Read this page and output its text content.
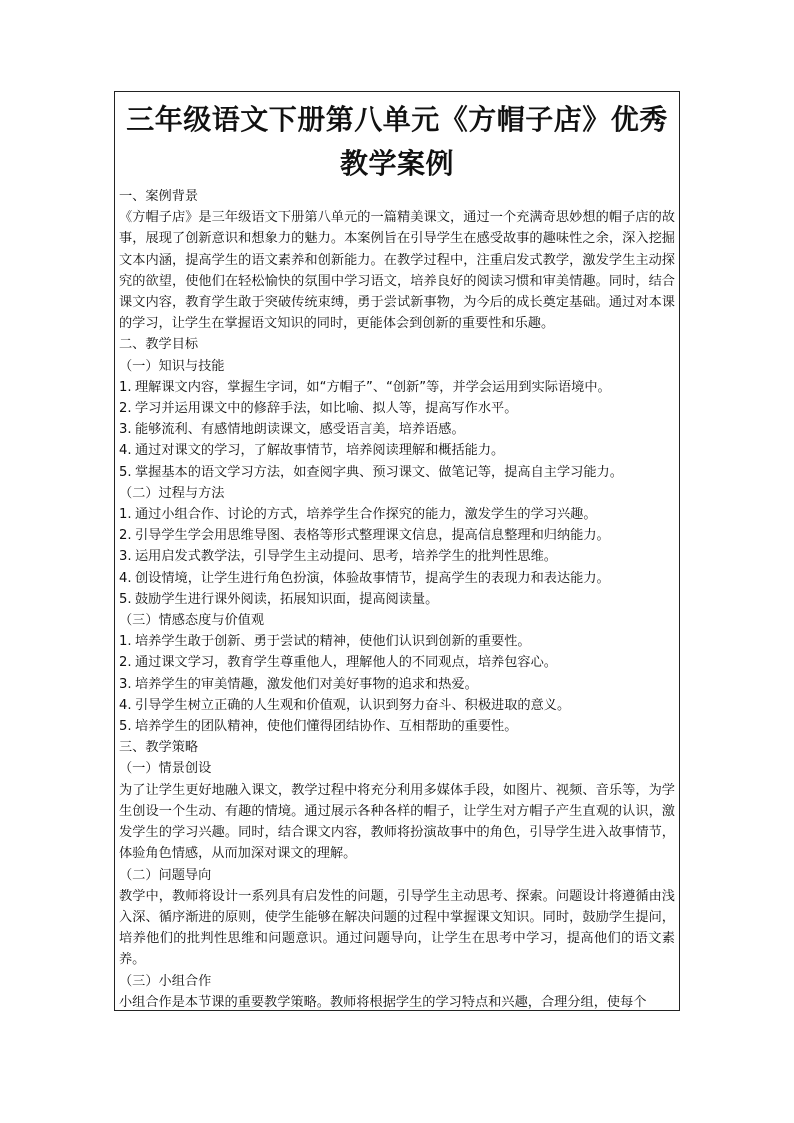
三年级语文下册第八单元《方帽子店》优秀教学案例

一、案例背景

《方帽子店》是三年级语文下册第八单元的一篇精美课文，通过一个充满奇思妙想的帽子店的故事，展现了创新意识和想象力的魅力。本案例旨在引导学生在感受故事的趣味性之余，深入挖掘文本内涵，提高学生的语文素养和创新能力。在教学过程中，注重启发式教学，激发学生主动探究的欲望，使他们在轻松愉快的氛围中学习语文，培养良好的阅读习惯和审美情趣。同时，结合课文内容，教育学生敢于突破传统束缚，勇于尝试新事物，为今后的成长奠定基础。通过对本课的学习，让学生在掌握语文知识的同时，更能体会到创新的重要性和乐趣。

二、教学目标

（一）知识与技能

1. 理解课文内容，掌握生字词，如“方帽子”、“创新”等，并学会运用到实际语境中。

2. 学习并运用课文中的修辞手法，如比喻、拟人等，提高写作水平。

3. 能够流利、有感情地朗读课文，感受语言美，培养语感。

4. 通过对课文的学习，了解故事情节，培养阅读理解和概括能力。

5. 掌握基本的语文学习方法，如查阅字典、预习课文、做笔记等，提高自主学习能力。

（二）过程与方法

1. 通过小组合作、讨论的方式，培养学生合作探究的能力，激发学生的学习兴趣。

2. 引导学生学会用思维导图、表格等形式整理课文信息，提高信息整理和归纳能力。

3. 运用启发式教学法，引导学生主动提问、思考，培养学生的批判性思维。

4. 创设情境，让学生进行角色扮演，体验故事情节，提高学生的表现力和表达能力。

5. 鼓励学生进行课外阅读，拓展知识面，提高阅读量。

（三）情感态度与价值观

1. 培养学生敢于创新、勇于尝试的精神，使他们认识到创新的重要性。

2. 通过课文学习，教育学生尊重他人，理解他人的不同观点，培养包容心。

3. 培养学生的审美情趣，激发他们对美好事物的追求和热爱。

4. 引导学生树立正确的人生观和价值观，认识到努力奋斗、积极进取的意义。

5. 培养学生的团队精神，使他们懂得团结协作、互相帮助的重要性。

三、教学策略

（一）情景创设

为了让学生更好地融入课文，教学过程中将充分利用多媒体手段，如图片、视频、音乐等，为学生创设一个生动、有趣的情境。通过展示各种各样的帽子，让学生对方帽子产生直观的认识，激发学生的学习兴趣。同时，结合课文内容，教师将扮演故事中的角色，引导学生进入故事情节，体验角色情感，从而加深对课文的理解。

（二）问题导向

教学中，教师将设计一系列具有启发性的问题，引导学生主动思考、探索。问题设计将遵循由浅入深、循序渐进的原则，使学生能够在解决问题的过程中掌握课文知识。同时，鼓励学生提问，培养他们的批判性思维和问题意识。通过问题导向，让学生在思考中学习，提高他们的语文素养。

（三）小组合作

小组合作是本节课的重要教学策略。教师将根据学生的学习特点和兴趣，合理分组，使每个
